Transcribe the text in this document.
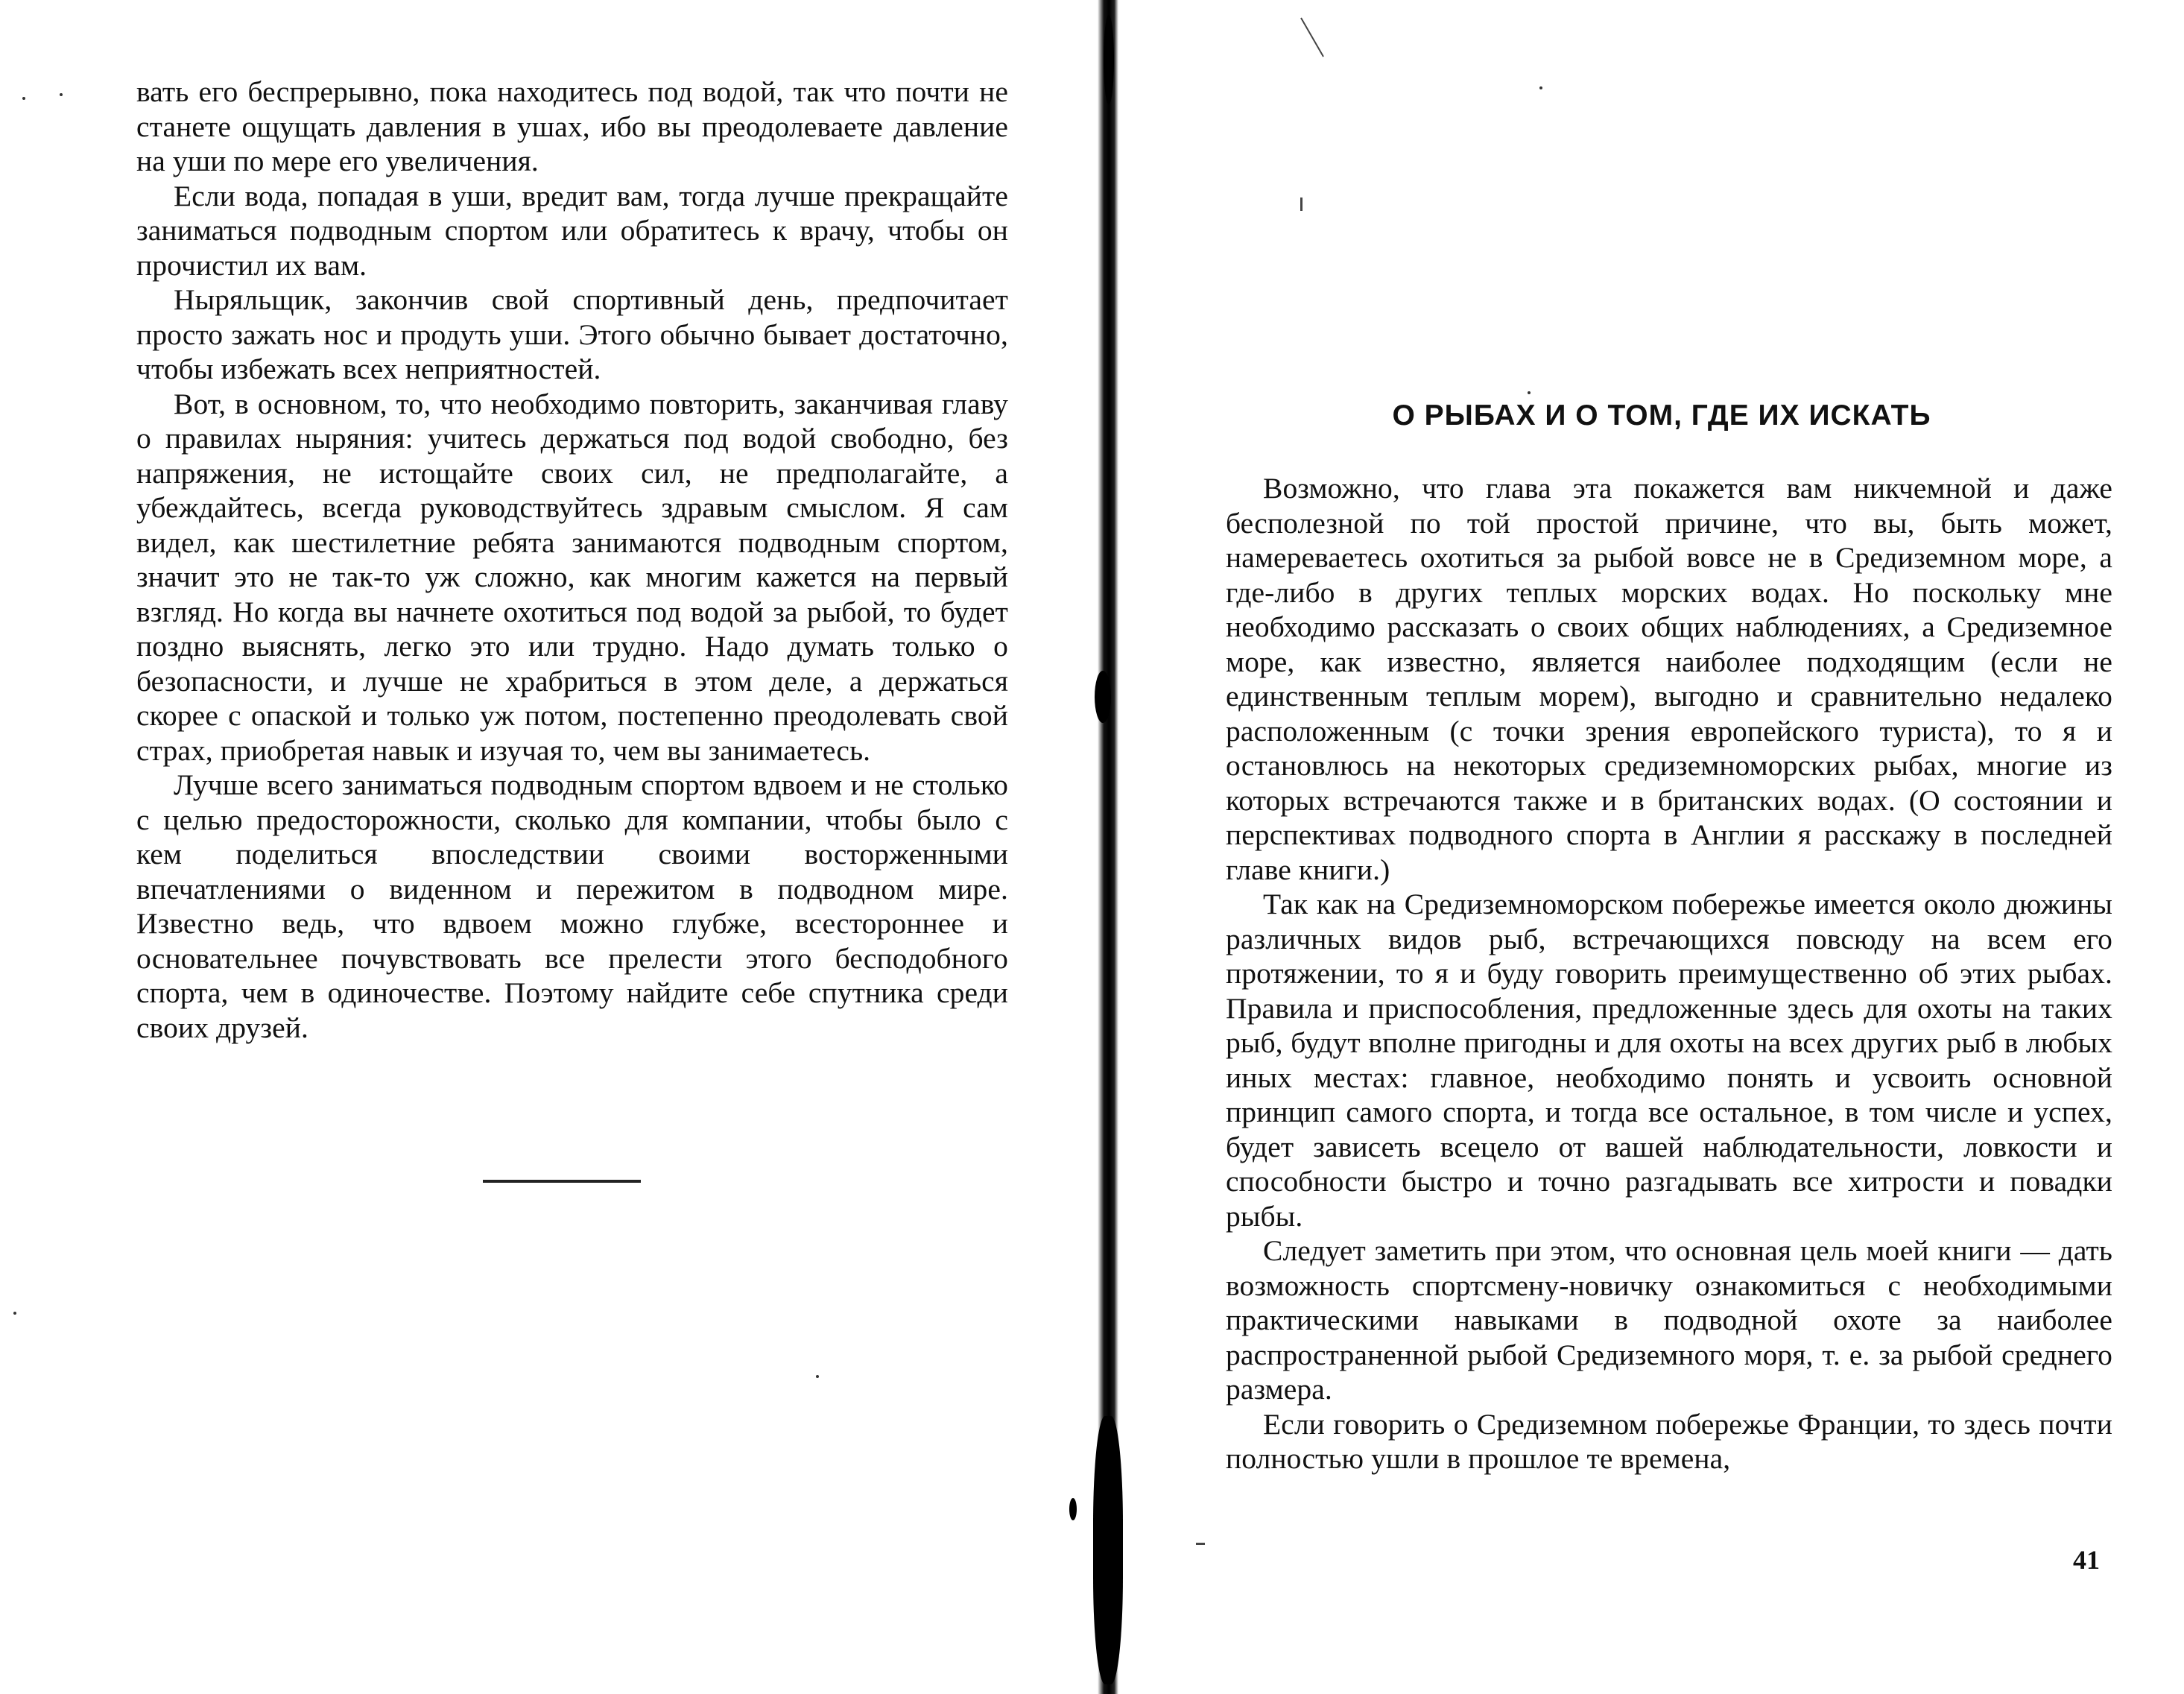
вать его беспрерывно, пока находитесь под водой, так что почти не станете ощущать давления в ушах, ибо вы преодолеваете давление на уши по мере его увеличения.

Если вода, попадая в уши, вредит вам, тогда лучше прекращайте заниматься подводным спортом или обратитесь к врачу, чтобы он прочистил их вам.

Ныряльщик, закончив свой спортивный день, предпочитает просто зажать нос и продуть уши. Этого обычно бывает достаточно, чтобы избежать всех неприятностей.

Вот, в основном, то, что необходимо повторить, заканчивая главу о правилах ныряния: учитесь держаться под водой свободно, без напряжения, не истощайте своих сил, не предполагайте, а убеждайтесь, всегда руководствуйтесь здравым смыслом. Я сам видел, как шестилетние ребята занимаются подводным спортом, значит это не так-то уж сложно, как многим кажется на первый взгляд. Но когда вы начнете охотиться под водой за рыбой, то будет поздно выяснять, легко это или трудно. Надо думать только о безопасности, и лучше не храбриться в этом деле, а держаться скорее с опаской и только уж потом, постепенно преодолевать свой страх, приобретая навык и изучая то, чем вы занимаетесь.

Лучше всего заниматься подводным спортом вдвоем и не столько с целью предосторожности, сколько для компании, чтобы было с кем поделиться впоследствии своими восторженными впечатлениями о виденном и пережитом в подводном мире. Известно ведь, что вдвоем можно глубже, всестороннее и основательнее почувствовать все прелести этого бесподобного спорта, чем в одиночестве. Поэтому найдите себе спутника среди своих друзей.

О РЫБАХ И О ТОМ, ГДЕ ИХ ИСКАТЬ

Возможно, что глава эта покажется вам никчемной и даже бесполезной по той простой причине, что вы, быть может, намереваетесь охотиться за рыбой вовсе не в Средиземном море, а где-либо в других теплых морских водах. Но поскольку мне необходимо рассказать о своих общих наблюдениях, а Средиземное море, как известно, является наиболее подходящим (если не единственным теплым морем), выгодно и сравнительно недалеко расположенным (с точки зрения европейского туриста), то я и остановлюсь на некоторых средиземноморских рыбах, многие из которых встречаются также и в британских водах. (О состоянии и перспективах подводного спорта в Англии я расскажу в последней главе книги.)

Так как на Средиземноморском побережье имеется около дюжины различных видов рыб, встречающихся повсюду на всем его протяжении, то я и буду говорить преимущественно об этих рыбах. Правила и приспособления, предложенные здесь для охоты на таких рыб, будут вполне пригодны и для охоты на всех других рыб в любых иных местах: главное, необходимо понять и усвоить основной принцип самого спорта, и тогда все остальное, в том числе и успех, будет зависеть всецело от вашей наблюдательности, ловкости и способности быстро и точно разгадывать все хитрости и повадки рыбы.

Следует заметить при этом, что основная цель моей книги — дать возможность спортсмену-новичку ознакомиться с необходимыми практическими навыками в подводной охоте за наиболее распространенной рыбой Средиземного моря, т. е. за рыбой среднего размера.

Если говорить о Средиземном побережье Франции, то здесь почти полностью ушли в прошлое те времена,

41
